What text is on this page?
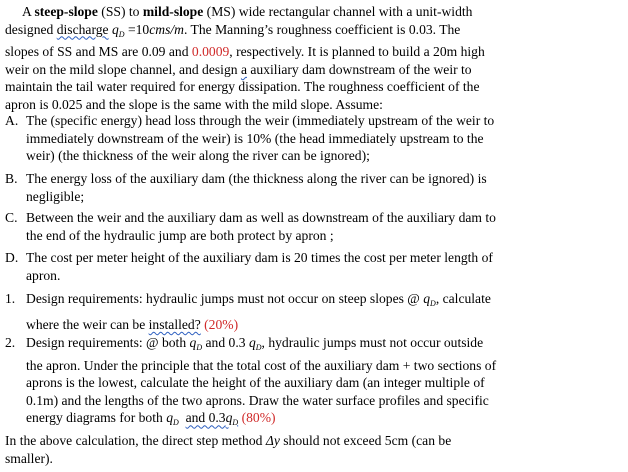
A steep-slope (SS) to mild-slope (MS) wide rectangular channel with a unit-width
designed discharge $q_D =10cms/m$. The Manning’s roughness coefficient is 0.03. The
slopes of SS and MS are 0.09 and 0.0009, respectively. It is planned to build a 20m high
weir on the mild slope channel, and design a auxiliary dam downstream of the weir to
maintain the tail water required for energy dissipation. The roughness coefficient of the
apron is 0.025 and the slope is the same with the mild slope. Assume:
A. The (specific energy) head loss through the weir (immediately upstream of the weir to
immediately downstream of the weir) is 10% (the head immediately upstream to the
weir) (the thickness of the weir along the river can be ignored);
B. The energy loss of the auxiliary dam (the thickness along the river can be ignored) is
negligible;
C. Between the weir and the auxiliary dam as well as downstream of the auxiliary dam to
the end of the hydraulic jump are both protect by apron ;
D. The cost per meter height of the auxiliary dam is 20 times the cost per meter length of
apron.
1. Design requirements: hydraulic jumps must not occur on steep slopes @ $q_D$, calculate
where the weir can be installed? (20%)
2. Design requirements: @ both $q_D$ and 0.3 $q_D$, hydraulic jumps must not occur outside
the apron. Under the principle that the total cost of the auxiliary dam + two sections of
aprons is the lowest, calculate the height of the auxiliary dam (an integer multiple of
0.1m) and the lengths of the two aprons. Draw the water surface profiles and specific
energy diagrams for both $q_D$ and $0.3q_D$ (80%)
In the above calculation, the direct step method Δy should not exceed 5cm (can be
smaller).
